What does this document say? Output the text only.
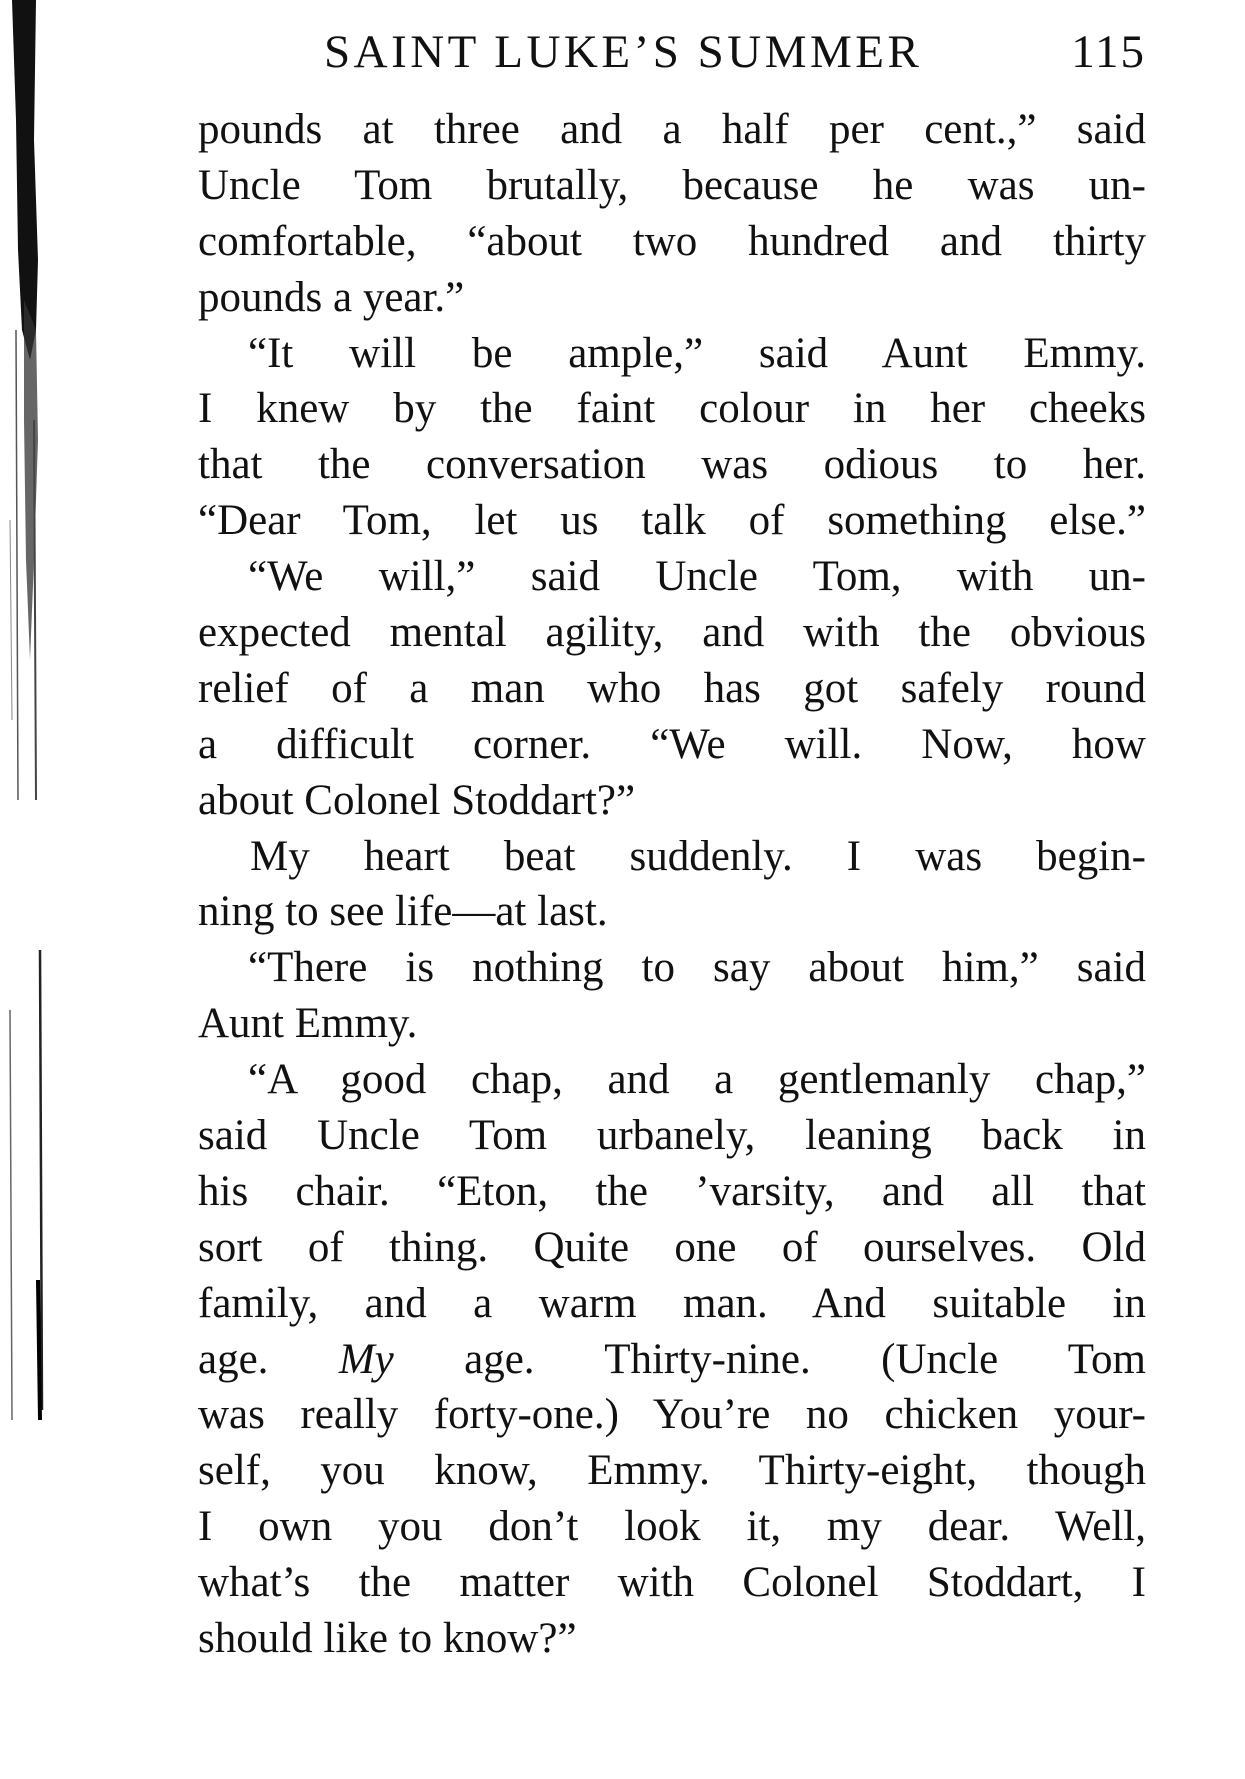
SAINT LUKE’S SUMMER	115
pounds at three and a half per cent.,” said
Uncle Tom brutally, because he was un-
comfortable, “about two hundred and thirty
pounds a year.”
“It will be ample,” said Aunt Emmy.
I knew by the faint colour in her cheeks
that the conversation was odious to her.
“Dear Tom, let us talk of something else.”
“We will,” said Uncle Tom, with un-
expected mental agility, and with the obvious
relief of a man who has got safely round
a difficult corner. “We will. Now, how
about Colonel Stoddart?”
My heart beat suddenly. I was begin-
ning to see life—at last.
“There is nothing to say about him,” said
Aunt Emmy.
“A good chap, and a gentlemanly chap,”
said Uncle Tom urbanely, leaning back in
his chair. “Eton, the ’varsity, and all that
sort of thing. Quite one of ourselves. Old
family, and a warm man. And suitable in
age. My age. Thirty-nine. (Uncle Tom
was really forty-one.) You’re no chicken your-
self, you know, Emmy. Thirty-eight, though
I own you don’t look it, my dear. Well,
what’s the matter with Colonel Stoddart, I
should like to know?”
